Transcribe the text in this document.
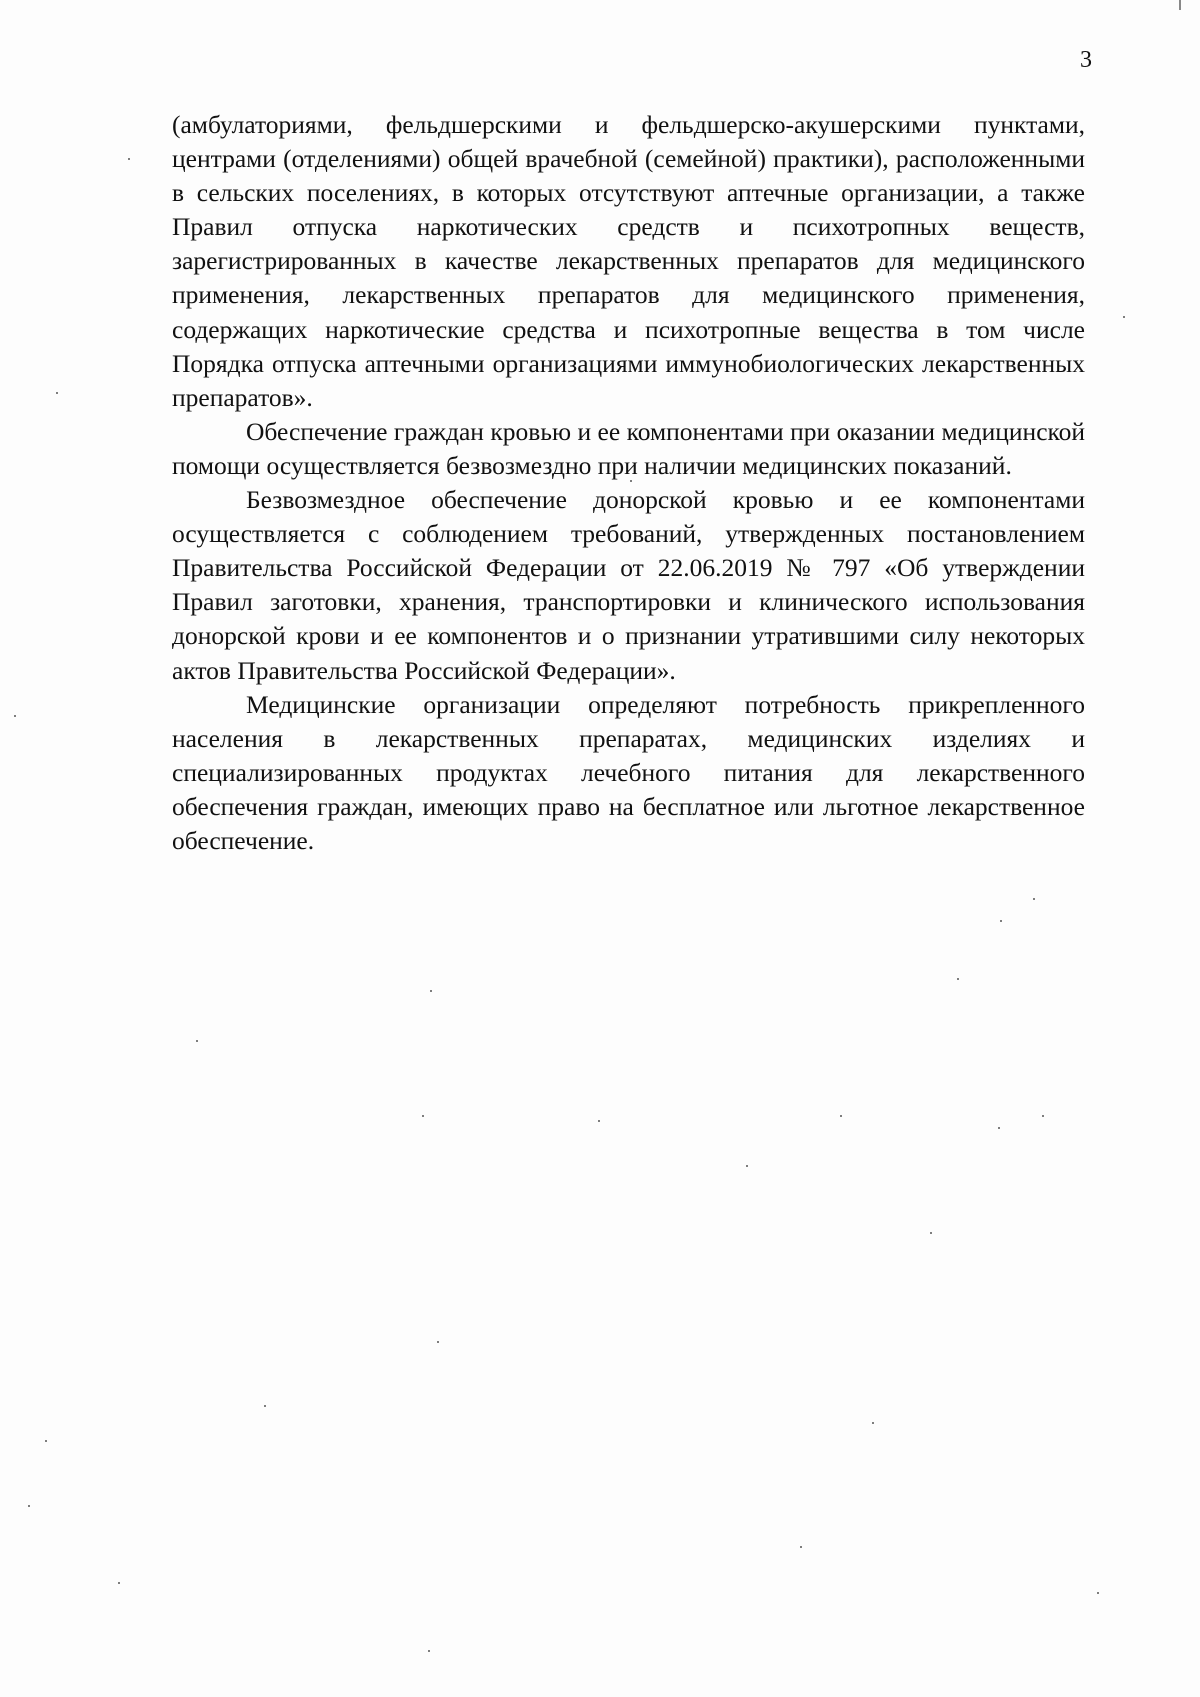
3

(амбулаториями, фельдшерскими и фельдшерско-акушерскими пунктами, центрами (отделениями) общей врачебной (семейной) практики), расположенными в сельских поселениях, в которых отсутствуют аптечные организации, а также Правил отпуска наркотических средств и психотропных веществ, зарегистрированных в качестве лекарственных препаратов для медицинского применения, лекарственных препаратов для медицинского применения, содержащих наркотические средства и психотропные вещества в том числе Порядка отпуска аптечными организациями иммунобиологических лекарственных препаратов».

Обеспечение граждан кровью и ее компонентами при оказании медицинской помощи осуществляется безвозмездно при наличии медицинских показаний.

Безвозмездное обеспечение донорской кровью и ее компонентами осуществляется с соблюдением требований, утвержденных постановлением Правительства Российской Федерации от 22.06.2019 № 797 «Об утверждении Правил заготовки, хранения, транспортировки и клинического использования донорской крови и ее компонентов и о признании утратившими силу некоторых актов Правительства Российской Федерации».

Медицинские организации определяют потребность прикрепленного населения в лекарственных препаратах, медицинских изделиях и специализированных продуктах лечебного питания для лекарственного обеспечения граждан, имеющих право на бесплатное или льготное лекарственное обеспечение.
